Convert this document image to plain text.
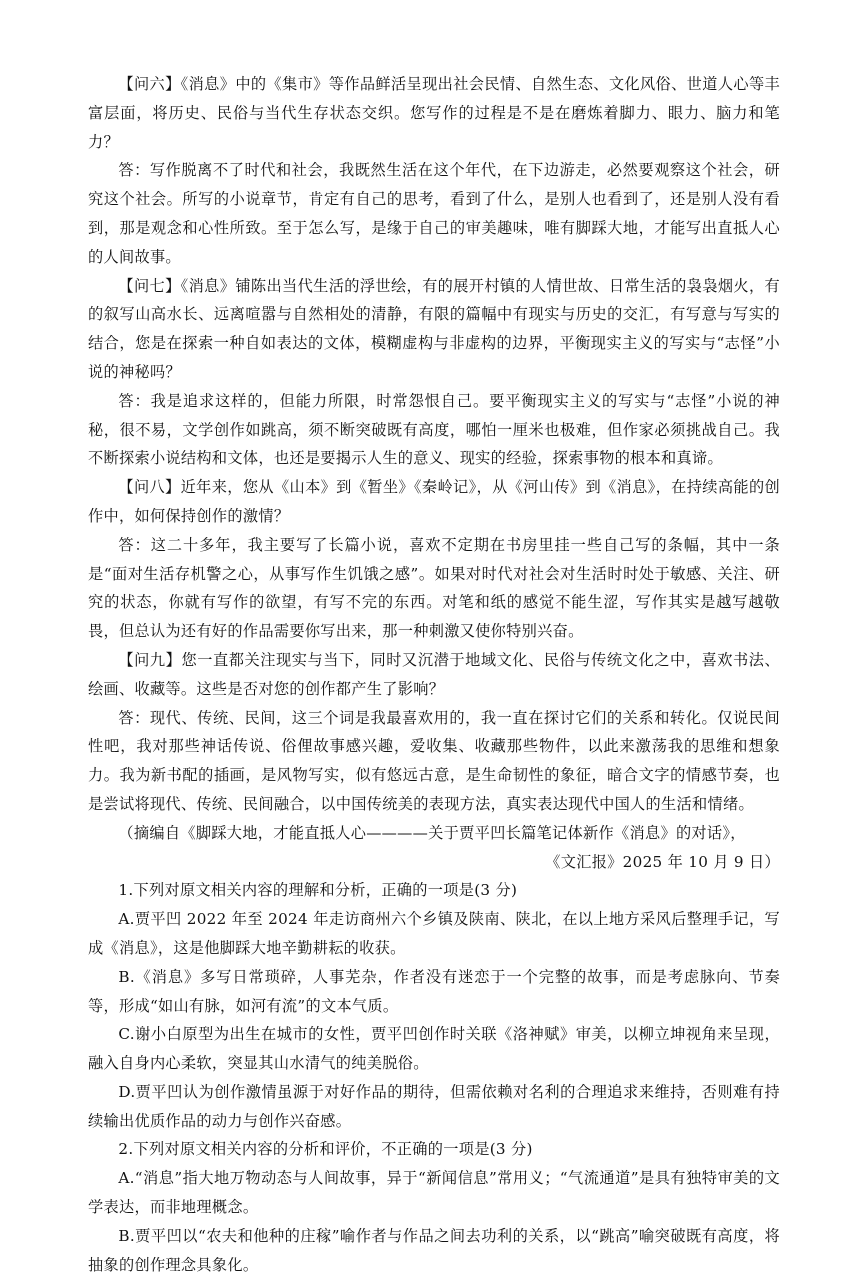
【问六】《消息》中的《集市》等作品鲜活呈现出社会民情、自然生态、文化风俗、世道人心等丰富层面，将历史、民俗与当代生存状态交织。您写作的过程是不是在磨炼着脚力、眼力、脑力和笔力？

答：写作脱离不了时代和社会，我既然生活在这个年代，在下边游走，必然要观察这个社会，研究这个社会。所写的小说章节，肯定有自己的思考，看到了什么，是别人也看到了，还是别人没有看到，那是观念和心性所致。至于怎么写，是缘于自己的审美趣味，唯有脚踩大地，才能写出直抵人心的人间故事。

【问七】《消息》铺陈出当代生活的浮世绘，有的展开村镇的人情世故、日常生活的袅袅烟火，有的叙写山高水长、远离喧嚣与自然相处的清静，有限的篇幅中有现实与历史的交汇，有写意与写实的结合，您是在探索一种自如表达的文体，模糊虚构与非虚构的边界，平衡现实主义的写实与“志怪”小说的神秘吗？

答：我是追求这样的，但能力所限，时常怨恨自己。要平衡现实主义的写实与“志怪”小说的神秘，很不易，文学创作如跳高，须不断突破既有高度，哪怕一厘米也极难，但作家必须挑战自己。我不断探索小说结构和文体，也还是要揭示人生的意义、现实的经验，探索事物的根本和真谛。

【问八】近年来，您从《山本》到《暂坐》《秦岭记》，从《河山传》到《消息》，在持续高能的创作中，如何保持创作的激情？

答：这二十多年，我主要写了长篇小说，喜欢不定期在书房里挂一些自己写的条幅，其中一条是“面对生活存机警之心，从事写作生饥饿之感”。如果对时代对社会对生活时时处于敏感、关注、研究的状态，你就有写作的欲望，有写不完的东西。对笔和纸的感觉不能生涩，写作其实是越写越敬畏，但总认为还有好的作品需要你写出来，那一种刺激又使你特别兴奋。

【问九】您一直都关注现实与当下，同时又沉潜于地域文化、民俗与传统文化之中，喜欢书法、绘画、收藏等。这些是否对您的创作都产生了影响？

答：现代、传统、民间，这三个词是我最喜欢用的，我一直在探讨它们的关系和转化。仅说民间性吧，我对那些神话传说、俗俚故事感兴趣，爱收集、收藏那些物件，以此来激荡我的思维和想象力。我为新书配的插画，是风物写实，似有悠远古意，是生命韧性的象征，暗合文字的情感节奏，也是尝试将现代、传统、民间融合，以中国传统美的表现方法，真实表达现代中国人的生活和情绪。

（摘编自《脚踩大地，才能直抵人心————关于贾平凹长篇笔记体新作《消息》的对话》，

《文汇报》2025 年 10 月 9 日）

1.下列对原文相关内容的理解和分析，正确的一项是(3 分)

A.贾平凹 2022 年至 2024 年走访商州六个乡镇及陕南、陕北，在以上地方采风后整理手记，写成《消息》，这是他脚踩大地辛勤耕耘的收获。

B.《消息》多写日常琐碎，人事芜杂，作者没有迷恋于一个完整的故事，而是考虑脉向、节奏等，形成“如山有脉，如河有流”的文本气质。

C.谢小白原型为出生在城市的女性，贾平凹创作时关联《洛神赋》审美，以柳立坤视角来呈现，融入自身内心柔软，突显其山水清气的纯美脱俗。

D.贾平凹认为创作激情虽源于对好作品的期待，但需依赖对名利的合理追求来维持，否则难有持续输出优质作品的动力与创作兴奋感。

2.下列对原文相关内容的分析和评价，不正确的一项是(3 分)

A.“消息”指大地万物动态与人间故事，异于“新闻信息”常用义；“气流通道”是具有独特审美的文学表达，而非地理概念。

B.贾平凹以“农夫和他种的庄稼”喻作者与作品之间去功利的关系，以“跳高”喻突破既有高度，将抽象的创作理念具象化。
